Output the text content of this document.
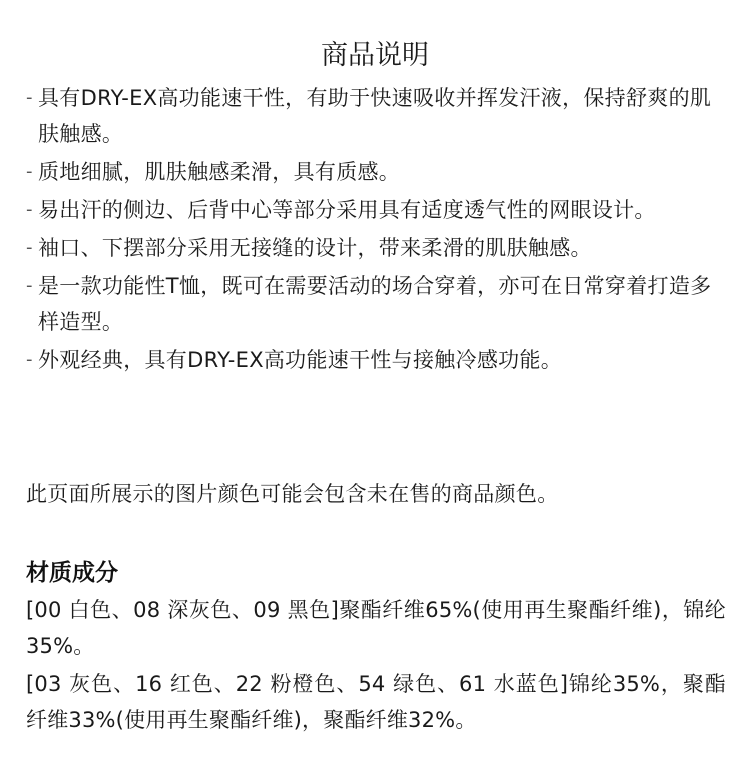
商品说明
- 具有DRY-EX高功能速干性，有助于快速吸收并挥发汗液，保持舒爽的肌肤触感。
- 质地细腻，肌肤触感柔滑，具有质感。
- 易出汗的侧边、后背中心等部分采用具有适度透气性的网眼设计。
- 袖口、下摆部分采用无接缝的设计，带来柔滑的肌肤触感。
- 是一款功能性T恤，既可在需要活动的场合穿着，亦可在日常穿着打造多样造型。
- 外观经典，具有DRY-EX高功能速干性与接触冷感功能。

此页面所展示的图片颜色可能会包含未在售的商品颜色。

材质成分

[00 白色、08 深灰色、09 黑色]聚酯纤维65%(使用再生聚酯纤维)，锦纶35%。

[03 灰色、16 红色、22 粉橙色、54 绿色、61 水蓝色]锦纶35%，聚酯纤维33%(使用再生聚酯纤维)，聚酯纤维32%。
